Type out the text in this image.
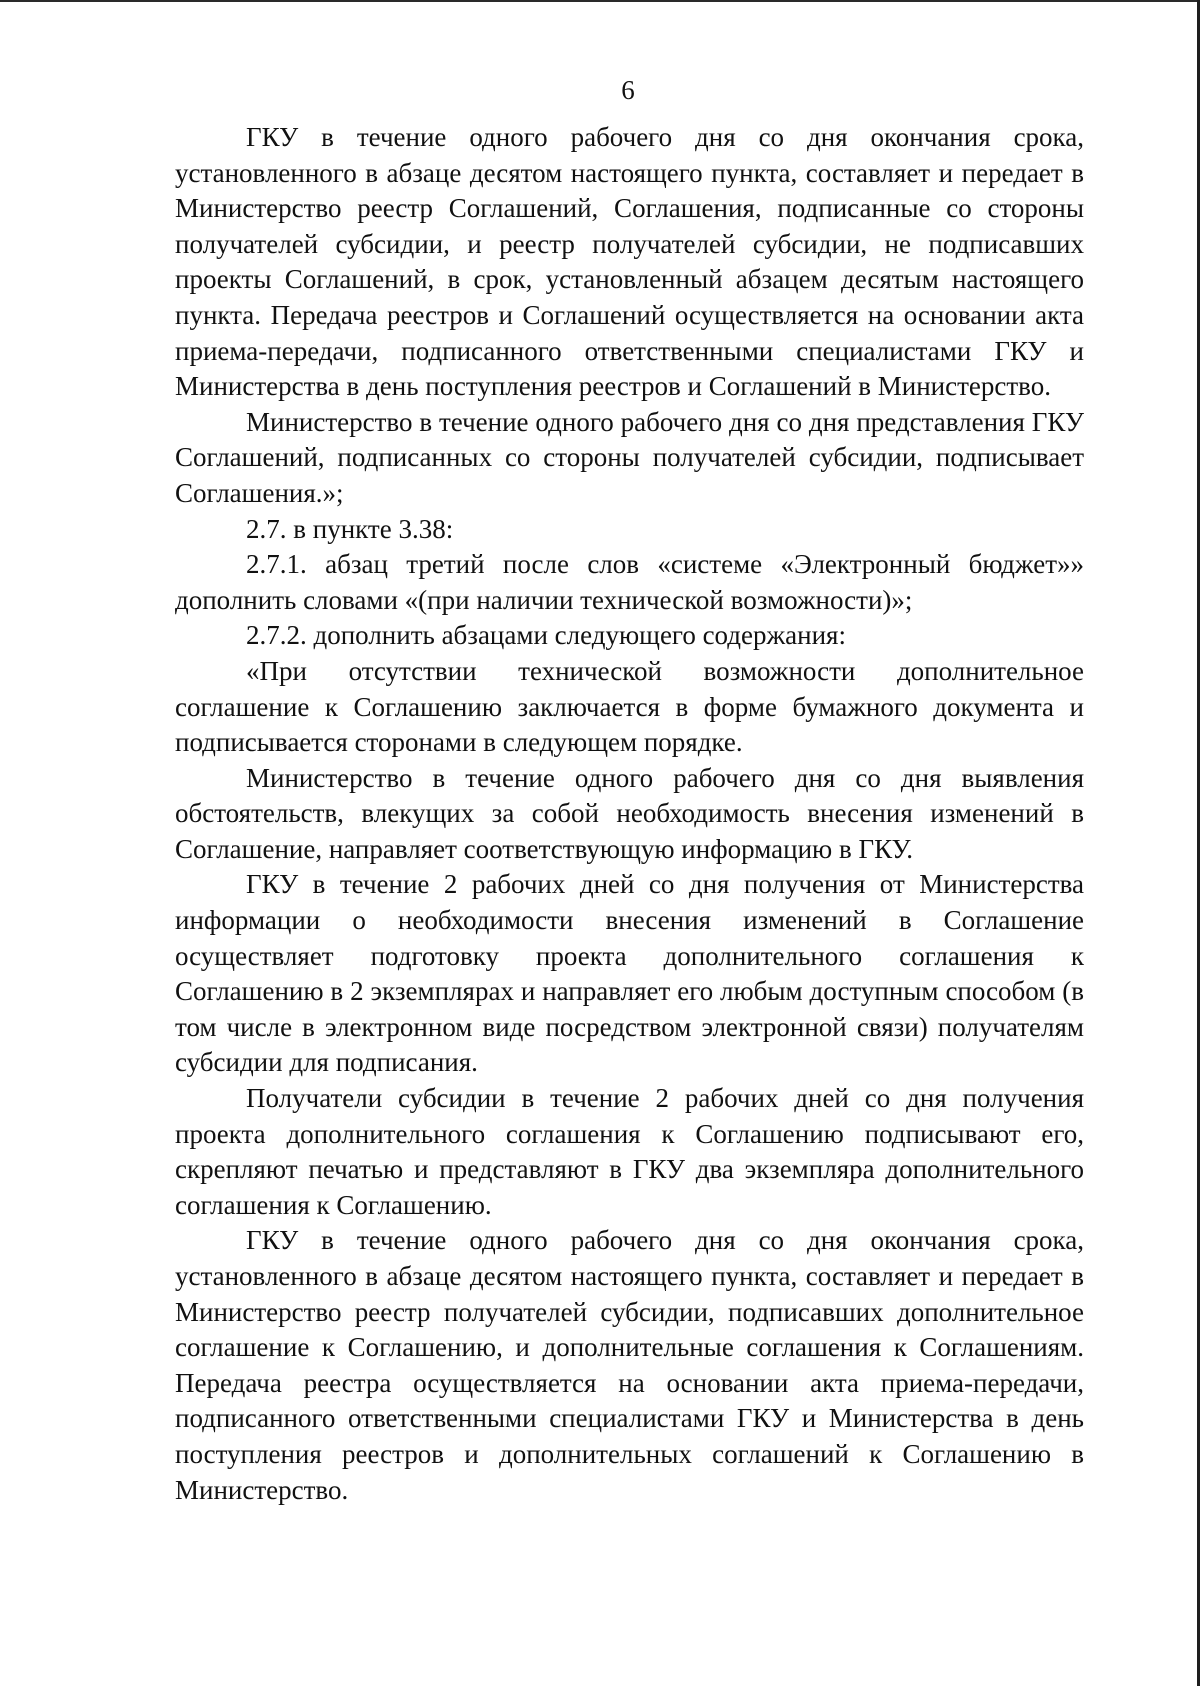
6

ГКУ в течение одного рабочего дня со дня окончания срока, установленного в абзаце десятом настоящего пункта, составляет и передает в Министерство реестр Соглашений, Соглашения, подписанные со стороны получателей субсидии, и реестр получателей субсидии, не подписавших проекты Соглашений, в срок, установленный абзацем десятым настоящего пункта. Передача реестров и Соглашений осуществляется на основании акта приема-передачи, подписанного ответственными специалистами ГКУ и Министерства в день поступления реестров и Соглашений в Министерство.

Министерство в течение одного рабочего дня со дня представления ГКУ Соглашений, подписанных со стороны получателей субсидии, подписывает Соглашения.»;

2.7. в пункте 3.38:

2.7.1. абзац третий после слов «системе «Электронный бюджет»» дополнить словами «(при наличии технической возможности)»;

2.7.2. дополнить абзацами следующего содержания:

«При отсутствии технической возможности дополнительное соглашение к Соглашению заключается в форме бумажного документа и подписывается сторонами в следующем порядке.

Министерство в течение одного рабочего дня со дня выявления обстоятельств, влекущих за собой необходимость внесения изменений в Соглашение, направляет соответствующую информацию в ГКУ.

ГКУ в течение 2 рабочих дней со дня получения от Министерства информации о необходимости внесения изменений в Соглашение осуществляет подготовку проекта дополнительного соглашения к Соглашению в 2 экземплярах и направляет его любым доступным способом (в том числе в электронном виде посредством электронной связи) получателям субсидии для подписания.

Получатели субсидии в течение 2 рабочих дней со дня получения проекта дополнительного соглашения к Соглашению подписывают его, скрепляют печатью и представляют в ГКУ два экземпляра дополнительного соглашения к Соглашению.

ГКУ в течение одного рабочего дня со дня окончания срока, установленного в абзаце десятом настоящего пункта, составляет и передает в Министерство реестр получателей субсидии, подписавших дополнительное соглашение к Соглашению, и дополнительные соглашения к Соглашениям. Передача реестра осуществляется на основании акта приема-передачи, подписанного ответственными специалистами ГКУ и Министерства в день поступления реестров и дополнительных соглашений к Соглашению в Министерство.
